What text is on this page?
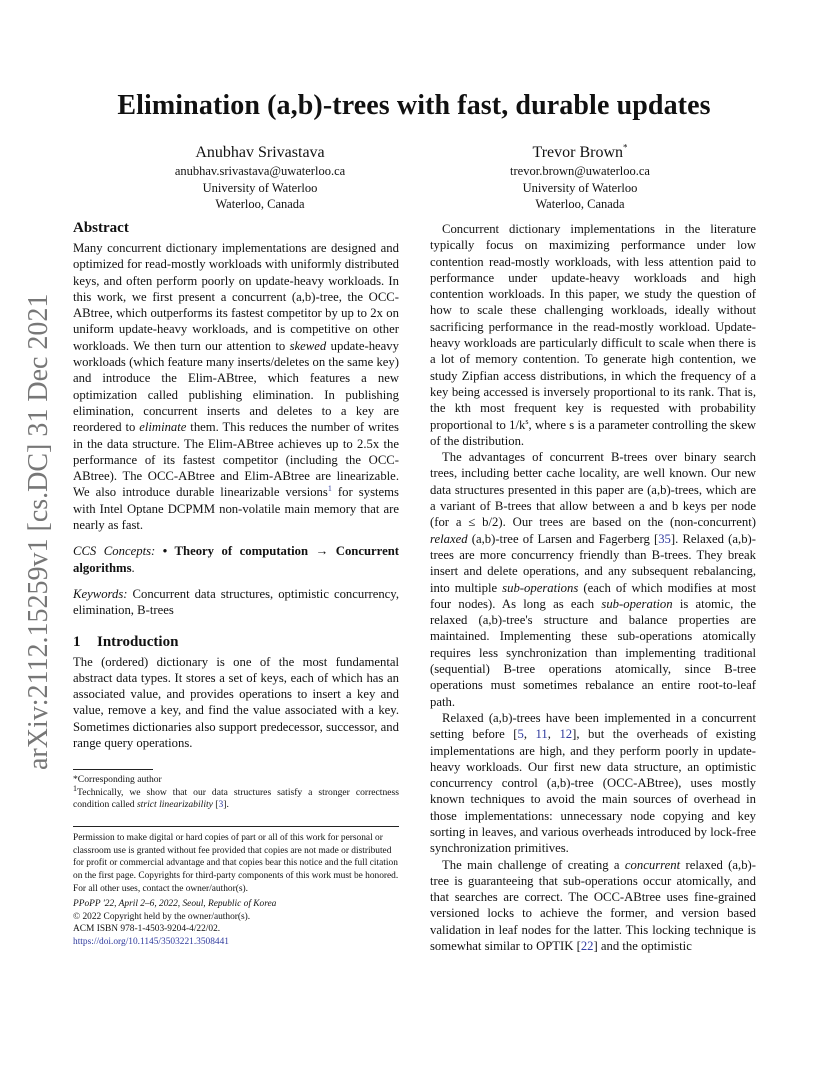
Elimination (a,b)-trees with fast, durable updates
Anubhav Srivastava
anubhav.srivastava@uwaterloo.ca
University of Waterloo
Waterloo, Canada
Trevor Brown*
trevor.brown@uwaterloo.ca
University of Waterloo
Waterloo, Canada
arXiv:2112.15259v1 [cs.DC] 31 Dec 2021
Abstract

Many concurrent dictionary implementations are designed and optimized for read-mostly workloads with uniformly distributed keys, and often perform poorly on update-heavy workloads. In this work, we first present a concurrent (a,b)-tree, the OCC-ABtree, which outperforms its fastest competitor by up to 2x on uniform update-heavy workloads, and is competitive on other workloads. We then turn our attention to skewed update-heavy workloads (which feature many inserts/deletes on the same key) and introduce the Elim-ABtree, which features a new optimization called publishing elimination. In publishing elimination, concurrent inserts and deletes to a key are reordered to eliminate them. This reduces the number of writes in the data structure. The Elim-ABtree achieves up to 2.5x the performance of its fastest competitor (including the OCC-ABtree). The OCC-ABtree and Elim-ABtree are linearizable. We also introduce durable linearizable versions$^1$ for systems with Intel Optane DCPMM non-volatile main memory that are nearly as fast.

CCS Concepts: • Theory of computation → Concurrent algorithms.

Keywords: Concurrent data structures, optimistic concurrency, elimination, B-trees

1 Introduction

The (ordered) dictionary is one of the most fundamental abstract data types. It stores a set of keys, each of which has an associated value, and provides operations to insert a key and value, remove a key, and find the value associated with a key. Sometimes dictionaries also support predecessor, successor, and range query operations.

*Corresponding author
$^1$Technically, we show that our data structures satisfy a stronger correctness condition called strict linearizability [3].
Permission to make digital or hard copies of part or all of this work for personal or classroom use is granted without fee provided that copies are not made or distributed for profit or commercial advantage and that copies bear this notice and the full citation on the first page. Copyrights for third-party components of this work must be honored. For all other uses, contact the owner/author(s).
PPoPP '22, April 2–6, 2022, Seoul, Republic of Korea
© 2022 Copyright held by the owner/author(s).
ACM ISBN 978-1-4503-9204-4/22/02.
https://doi.org/10.1145/3503221.3508441

Concurrent dictionary implementations in the literature typically focus on maximizing performance under low contention read-mostly workloads, with less attention paid to performance under update-heavy workloads and high contention workloads. In this paper, we study the question of how to scale these challenging workloads, ideally without sacrificing performance in the read-mostly workload. Update-heavy workloads are particularly difficult to scale when there is a lot of memory contention. To generate high contention, we study Zipfian access distributions, in which the frequency of a key being accessed is inversely proportional to its rank. That is, the kth most frequent key is requested with probability proportional to $1/k^s$, where s is a parameter controlling the skew of the distribution.

The advantages of concurrent B-trees over binary search trees, including better cache locality, are well known. Our new data structures presented in this paper are (a,b)-trees, which are a variant of B-trees that allow between a and b keys per node (for a ≤ b/2). Our trees are based on the (non-concurrent) relaxed (a,b)-tree of Larsen and Fagerberg [35]. Relaxed (a,b)-trees are more concurrency friendly than B-trees. They break insert and delete operations, and any subsequent rebalancing, into multiple sub-operations (each of which modifies at most four nodes). As long as each sub-operation is atomic, the relaxed (a,b)-tree's structure and balance properties are maintained. Implementing these sub-operations atomically requires less synchronization than implementing traditional (sequential) B-tree operations atomically, since B-tree operations must sometimes rebalance an entire root-to-leaf path.

Relaxed (a,b)-trees have been implemented in a concurrent setting before [5, 11, 12], but the overheads of existing implementations are high, and they perform poorly in update-heavy workloads. Our first new data structure, an optimistic concurrency control (a,b)-tree (OCC-ABtree), uses mostly known techniques to avoid the main sources of overhead in those implementations: unnecessary node copying and key sorting in leaves, and various overheads introduced by lock-free synchronization primitives.

The main challenge of creating a concurrent relaxed (a,b)-tree is guaranteeing that sub-operations occur atomically, and that searches are correct. The OCC-ABtree uses fine-grained versioned locks to achieve the former, and version based validation in leaf nodes for the latter. This locking technique is somewhat similar to OPTIK [22] and the optimistic
